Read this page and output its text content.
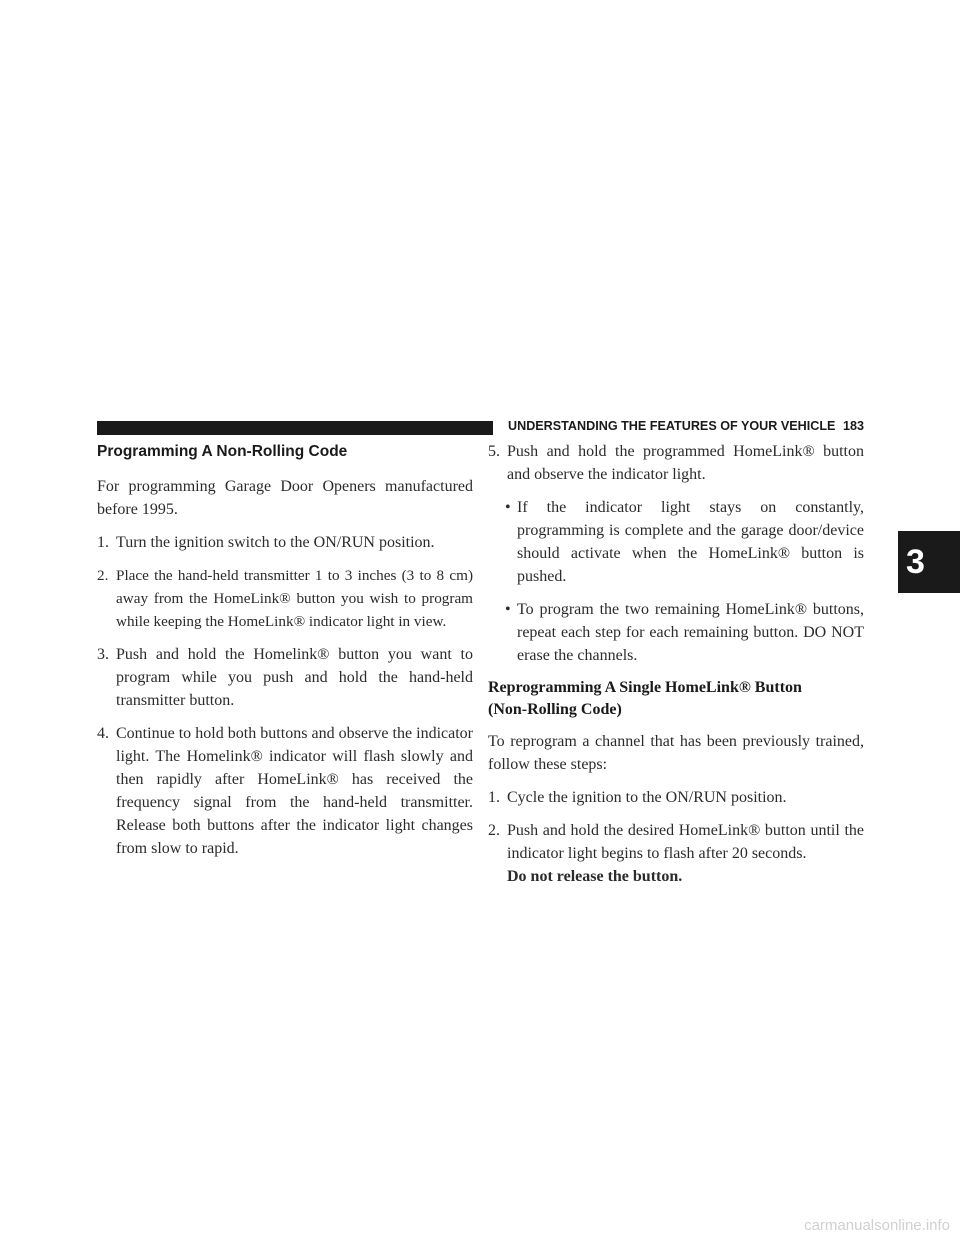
UNDERSTANDING THE FEATURES OF YOUR VEHICLE 183
3
Programming A Non-Rolling Code

For programming Garage Door Openers manufactured before 1995.

1. Turn the ignition switch to the ON/RUN position.
2. Place the hand-held transmitter 1 to 3 inches (3 to 8 cm) away from the HomeLink® button you wish to program while keeping the HomeLink® indicator light in view.
3. Push and hold the Homelink® button you want to program while you push and hold the hand-held transmitter button.
4. Continue to hold both buttons and observe the indicator light. The Homelink® indicator will flash slowly and then rapidly after HomeLink® has received the frequency signal from the hand-held transmitter. Release both buttons after the indicator light changes from slow to rapid.
5. Push and hold the programmed HomeLink® button and observe the indicator light.
• If the indicator light stays on constantly, programming is complete and the garage door/device should activate when the HomeLink® button is pushed.
• To program the two remaining HomeLink® buttons, repeat each step for each remaining button. DO NOT erase the channels.
Reprogramming A Single HomeLink® Button
(Non-Rolling Code)

To reprogram a channel that has been previously trained, follow these steps:

1. Cycle the ignition to the ON/RUN position.
2. Push and hold the desired HomeLink® button until the indicator light begins to flash after 20 seconds.
Do not release the button.
carmanualsonline.info
